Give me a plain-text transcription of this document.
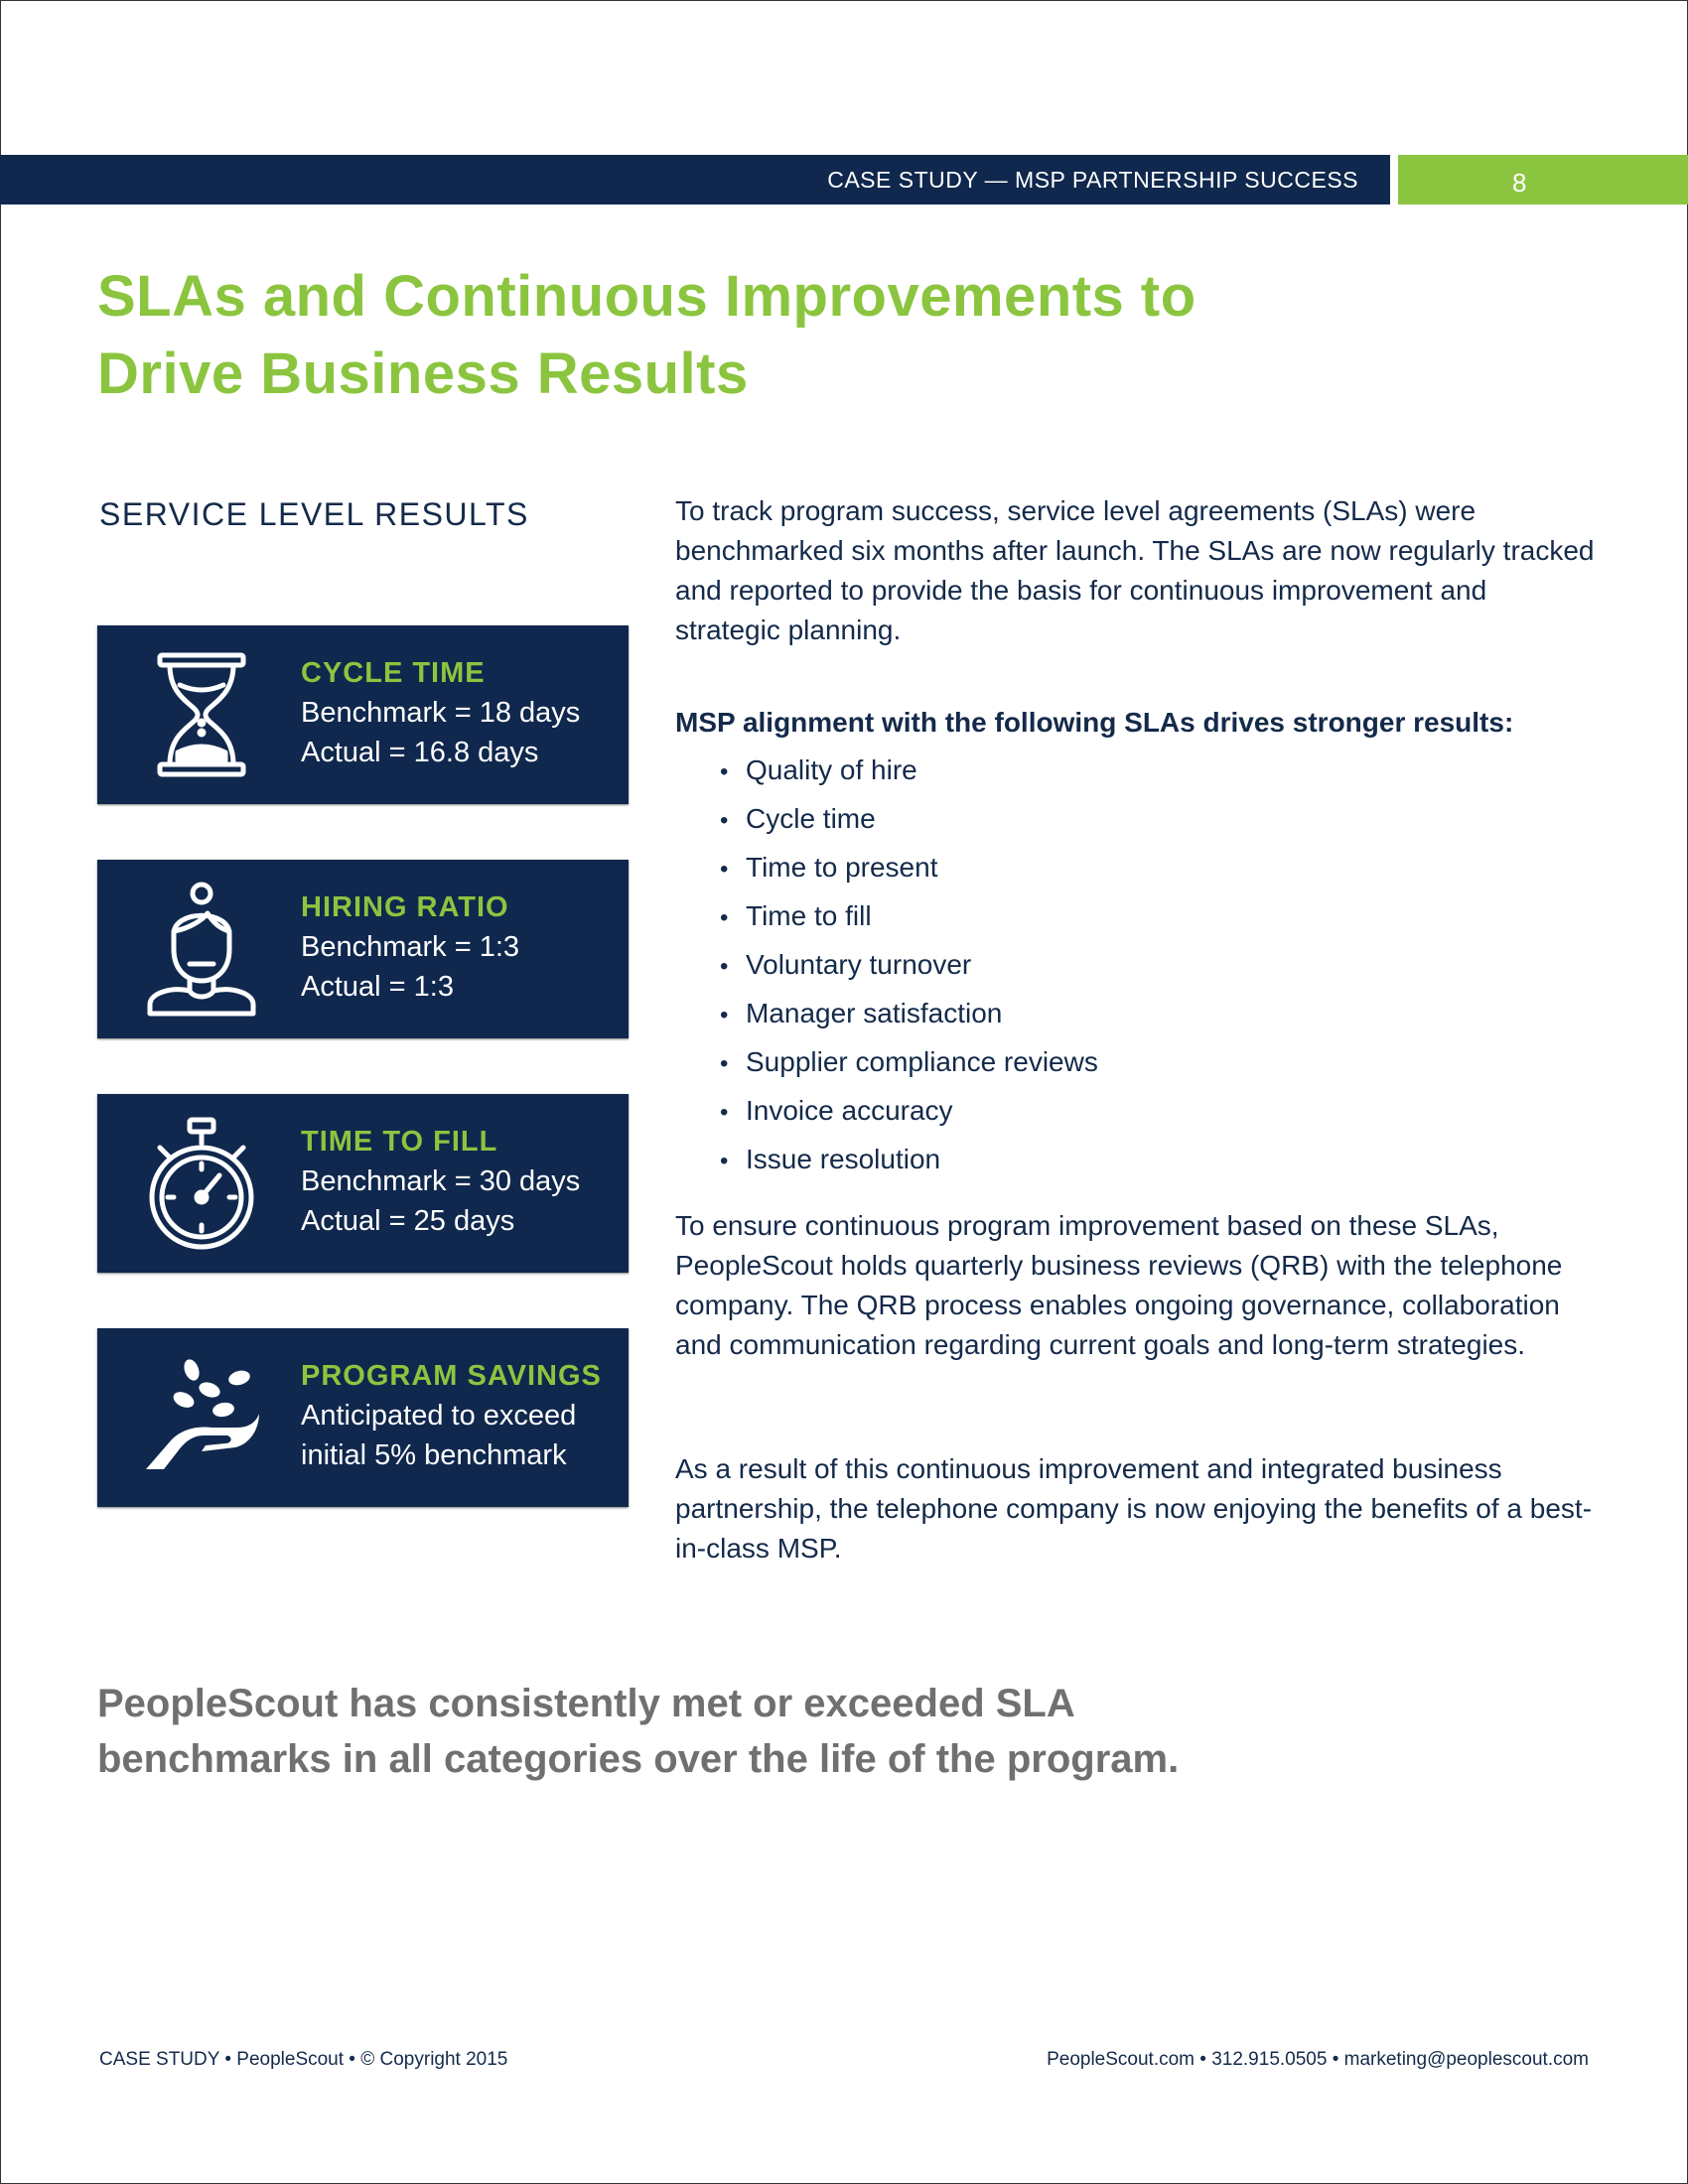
CASE STUDY — MSP PARTNERSHIP SUCCESS	8
SLAs and Continuous Improvements to
Drive Business Results
SERVICE LEVEL RESULTS
CYCLE TIME
Benchmark = 18 days
Actual = 16.8 days
HIRING RATIO
Benchmark = 1:3
Actual = 1:3
TIME TO FILL
Benchmark = 30 days
Actual = 25 days
PROGRAM SAVINGS
Anticipated to exceed
initial 5% benchmark

To track program success, service level agreements (SLAs) were benchmarked six months after launch. The SLAs are now regularly tracked and reported to provide the basis for continuous improvement and strategic planning.

MSP alignment with the following SLAs drives stronger results:

• Quality of hire
• Cycle time
• Time to present
• Time to fill
• Voluntary turnover
• Manager satisfaction
• Supplier compliance reviews
• Invoice accuracy
• Issue resolution

To ensure continuous program improvement based on these SLAs, PeopleScout holds quarterly business reviews (QRB) with the telephone company. The QRB process enables ongoing governance, collaboration and communication regarding current goals and long-term strategies.

As a result of this continuous improvement and integrated business partnership, the telephone company is now enjoying the benefits of a best-in-class MSP.

PeopleScout has consistently met or exceeded SLA
benchmarks in all categories over the life of the program.

CASE STUDY • PeopleScout • © Copyright 2015	PeopleScout.com • 312.915.0505 • marketing@peoplescout.com
